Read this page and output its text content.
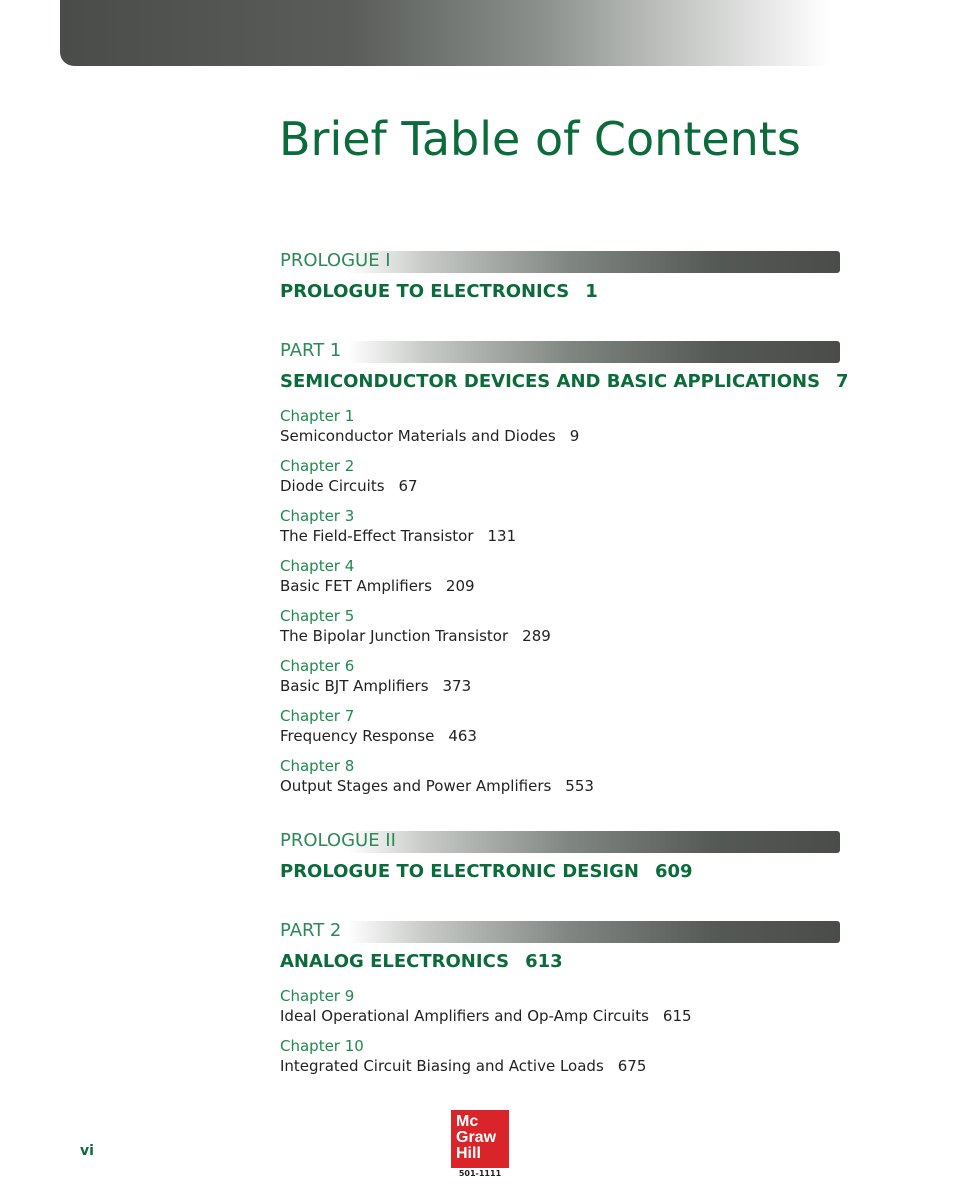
Brief Table of Contents
PROLOGUE I
PROLOGUE TO ELECTRONICS 1
PART 1
SEMICONDUCTOR DEVICES AND BASIC APPLICATIONS 7
Chapter 1
Semiconductor Materials and Diodes 9
Chapter 2
Diode Circuits 67
Chapter 3
The Field-Effect Transistor 131
Chapter 4
Basic FET Amplifiers 209
Chapter 5
The Bipolar Junction Transistor 289
Chapter 6
Basic BJT Amplifiers 373
Chapter 7
Frequency Response 463
Chapter 8
Output Stages and Power Amplifiers 553
PROLOGUE II
PROLOGUE TO ELECTRONIC DESIGN 609
PART 2
ANALOG ELECTRONICS 613
Chapter 9
Ideal Operational Amplifiers and Op-Amp Circuits 615
Chapter 10
Integrated Circuit Biasing and Active Loads 675
vi
Mc
Graw
Hill
501-1111
